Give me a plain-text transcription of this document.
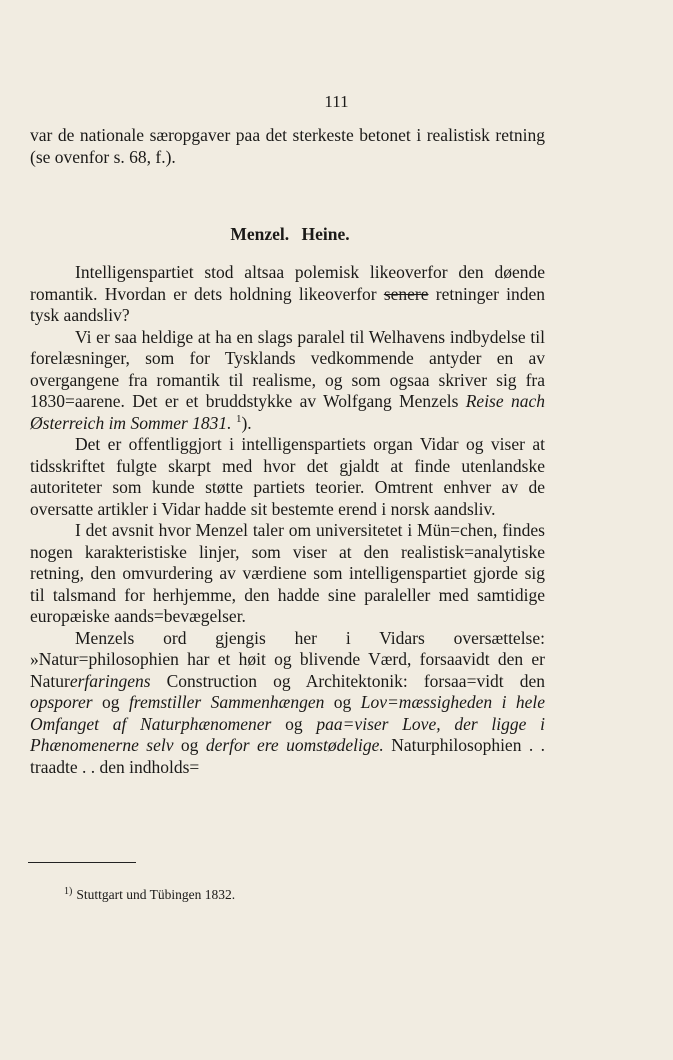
111

var de nationale særopgaver paa det sterkeste betonet i realistisk retning (se ovenfor s. 68, f.).

Menzel. Heine.

Intelligenspartiet stod altsaa polemisk likeoverfor den døende romantik. Hvordan er dets holdning likeoverfor senere retninger inden tysk aandsliv?

Vi er saa heldige at ha en slags paralel til Welhavens indbydelse til forelæsninger, som for Tysklands vedkommende antyder en av overgangene fra romantik til realisme, og som ogsaa skriver sig fra 1830=aarene. Det er et bruddstykke av Wolfgang Menzels Reise nach Østerreich im Sommer 1831. $^1$).

Det er offentliggjort i intelligenspartiets organ Vidar og viser at tidsskriftet fulgte skarpt med hvor det gjaldt at finde utenlandske autoriteter som kunde støtte partiets teorier. Omtrent enhver av de oversatte artikler i Vidar hadde sit bestemte erend i norsk aandsliv.

I det avsnit hvor Menzel taler om universitetet i Mün=chen, findes nogen karakteristiske linjer, som viser at den realistisk=analytiske retning, den omvurdering av værdiene som intelligenspartiet gjorde sig til talsmand for herhjemme, den hadde sine paraleller med samtidige europæiske aands=bevægelser.

Menzels ord gjengis her i Vidars oversættelse: »Natur=philosophien har et høit og blivende Værd, forsaavidt den er Naturerfaringens Construction og Architektonik: forsaa=vidt den opsporer og fremstiller Sammenhængen og Lov=mæssigheden i hele Omfanget af Naturphænomener og paa=viser Love, der ligge i Phænomenerne selv og derfor ere uomstødelige. Naturphilosophien . . traadte . . den indholds=

$^{1)}$ Stuttgart und Tübingen 1832.
